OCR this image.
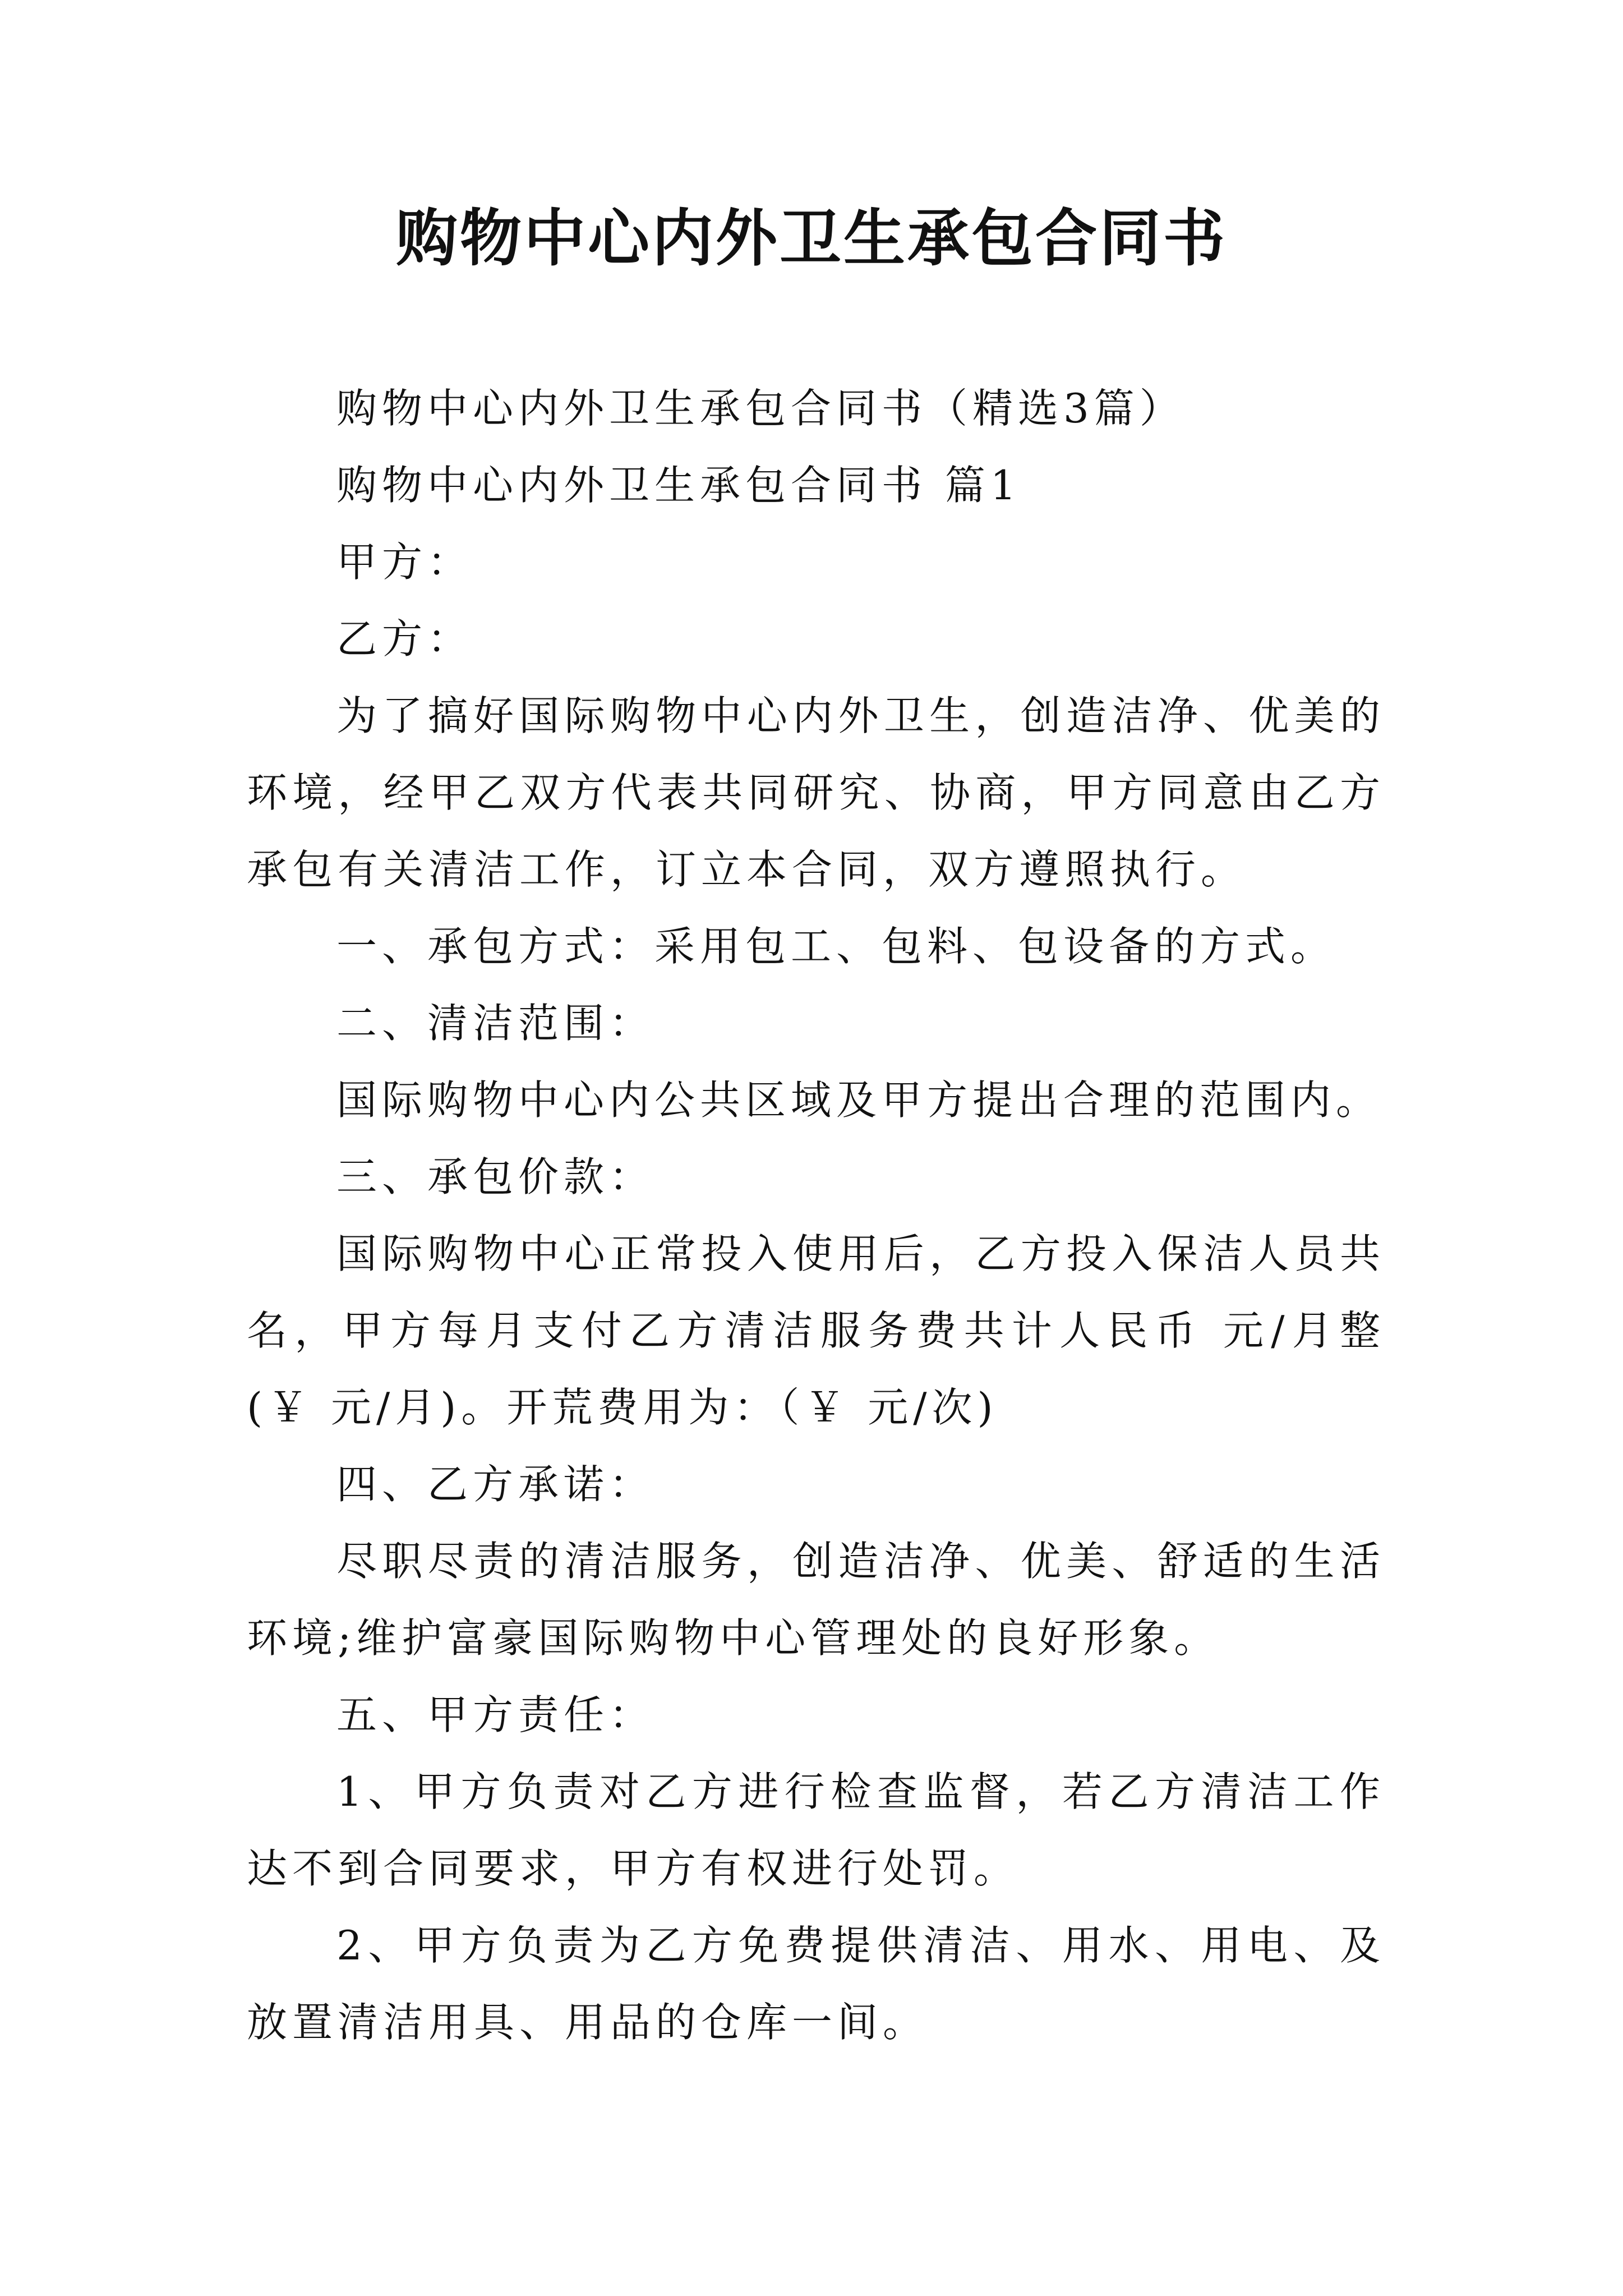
购物中心内外卫生承包合同书

购物中心内外卫生承包合同书（精选3篇）

购物中心内外卫生承包合同书 篇1

甲方：

乙方：

为了搞好国际购物中心内外卫生，创造洁净、优美的环境，经甲乙双方代表共同研究、协商，甲方同意由乙方承包有关清洁工作，订立本合同，双方遵照执行。

一、承包方式：采用包工、包料、包设备的方式。

二、清洁范围：

国际购物中心内公共区域及甲方提出合理的范围内。

三、承包价款：

国际购物中心正常投入使用后，乙方投入保洁人员共 名，甲方每月支付乙方清洁服务费共计人民币 元/月整(￥ 元/月)。开荒费用为：（￥ 元/次)

四、乙方承诺：

尽职尽责的清洁服务，创造洁净、优美、舒适的生活环境;维护富豪国际购物中心管理处的良好形象。

五、甲方责任：

1、甲方负责对乙方进行检查监督，若乙方清洁工作达不到合同要求，甲方有权进行处罚。

2、甲方负责为乙方免费提供清洁、用水、用电、及放置清洁用具、用品的仓库一间。
